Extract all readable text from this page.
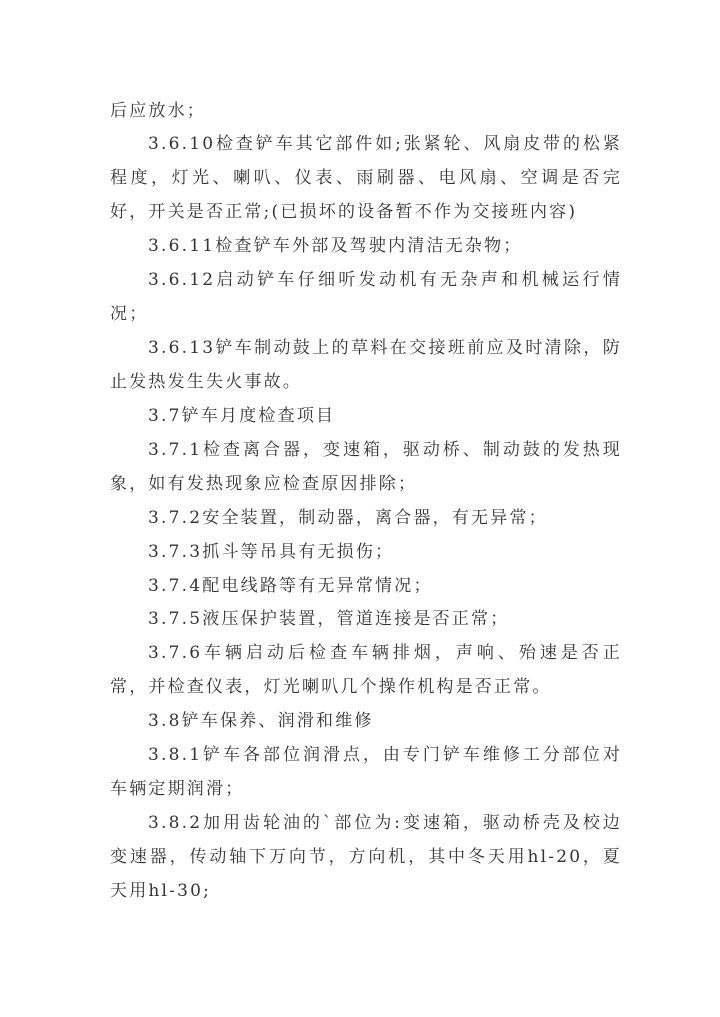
后应放水；

3.6.10检查铲车其它部件如;张紧轮、风扇皮带的松紧程度，灯光、喇叭、仪表、雨刷器、电风扇、空调是否完好，开关是否正常;(已损坏的设备暂不作为交接班内容)

3.6.11检查铲车外部及驾驶内清洁无杂物；

3.6.12启动铲车仔细听发动机有无杂声和机械运行情况；

3.6.13铲车制动鼓上的草料在交接班前应及时清除，防止发热发生失火事故。

3.7铲车月度检查项目

3.7.1检查离合器，变速箱，驱动桥、制动鼓的发热现象，如有发热现象应检查原因排除；

3.7.2安全装置，制动器，离合器，有无异常；

3.7.3抓斗等吊具有无损伤；

3.7.4配电线路等有无异常情况；

3.7.5液压保护装置，管道连接是否正常；

3.7.6车辆启动后检查车辆排烟，声响、殆速是否正常，并检查仪表，灯光喇叭几个操作机构是否正常。

3.8铲车保养、润滑和维修

3.8.1铲车各部位润滑点，由专门铲车维修工分部位对车辆定期润滑；

3.8.2加用齿轮油的`部位为:变速箱，驱动桥壳及校边变速器，传动轴下万向节，方向机，其中冬天用hl-20，夏天用hl-30;
